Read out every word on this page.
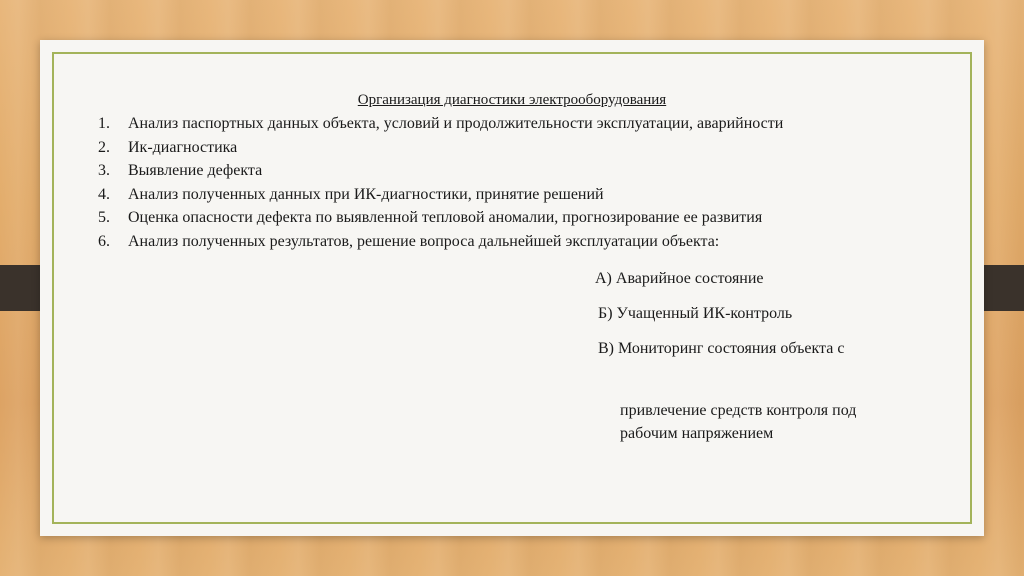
Организация диагностики электрооборудования
1. Анализ паспортных данных объекта, условий и продолжительности эксплуатации, аварийности
2. Ик-диагностика
3. Выявление дефекта
4. Анализ полученных данных при ИК-диагностики, принятие решений
5. Оценка опасности дефекта по выявленной тепловой аномалии, прогнозирование ее развития
6. Анализ полученных результатов, решение вопроса дальнейшей эксплуатации объекта:
А) Аварийное состояние
Б) Учащенный ИК-контроль
В) Мониторинг состояния объекта с
привлечение средств контроля под
рабочим напряжением
